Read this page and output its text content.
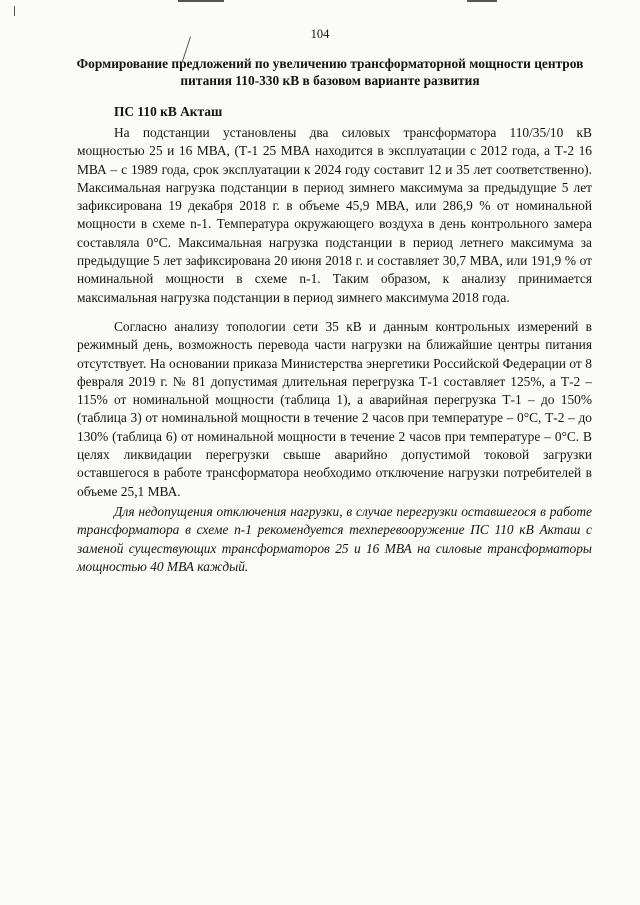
104
Формирование предложений по увеличению трансформаторной мощности центров питания 110-330 кВ в базовом варианте развития
ПС 110 кВ Акташ

На подстанции установлены два силовых трансформатора 110/35/10 кВ мощностью 25 и 16 МВА, (Т-1 25 МВА находится в эксплуатации с 2012 года, а Т-2 16 МВА – с 1989 года, срок эксплуатации к 2024 году составит 12 и 35 лет соответственно). Максимальная нагрузка подстанции в период зимнего максимума за предыдущие 5 лет зафиксирована 19 декабря 2018 г. в объеме 45,9 МВА, или 286,9 % от номинальной мощности в схеме n-1. Температура окружающего воздуха в день контрольного замера составляла 0°С. Максимальная нагрузка подстанции в период летнего максимума за предыдущие 5 лет зафиксирована 20 июня 2018 г. и составляет 30,7 МВА, или 191,9 % от номинальной мощности в схеме n-1. Таким образом, к анализу принимается максимальная нагрузка подстанции в период зимнего максимума 2018 года.

Согласно анализу топологии сети 35 кВ и данным контрольных измерений в режимный день, возможность перевода части нагрузки на ближайшие центры питания отсутствует. На основании приказа Министерства энергетики Российской Федерации от 8 февраля 2019 г. № 81 допустимая длительная перегрузка Т-1 составляет 125%, а Т-2 – 115% от номинальной мощности (таблица 1), а аварийная перегрузка Т-1 – до 150% (таблица 3) от номинальной мощности в течение 2 часов при температуре – 0°С, Т-2 – до 130% (таблица 6) от номинальной мощности в течение 2 часов при температуре – 0°С. В целях ликвидации перегрузки свыше аварийно допустимой токовой загрузки оставшегося в работе трансформатора необходимо отключение нагрузки потребителей в объеме 25,1 МВА.

Для недопущения отключения нагрузки, в случае перегрузки оставшегося в работе трансформатора в схеме n-1 рекомендуется техперевооружение ПС 110 кВ Акташ с заменой существующих трансформаторов 25 и 16 МВА на силовые трансформаторы мощностью 40 МВА каждый.
